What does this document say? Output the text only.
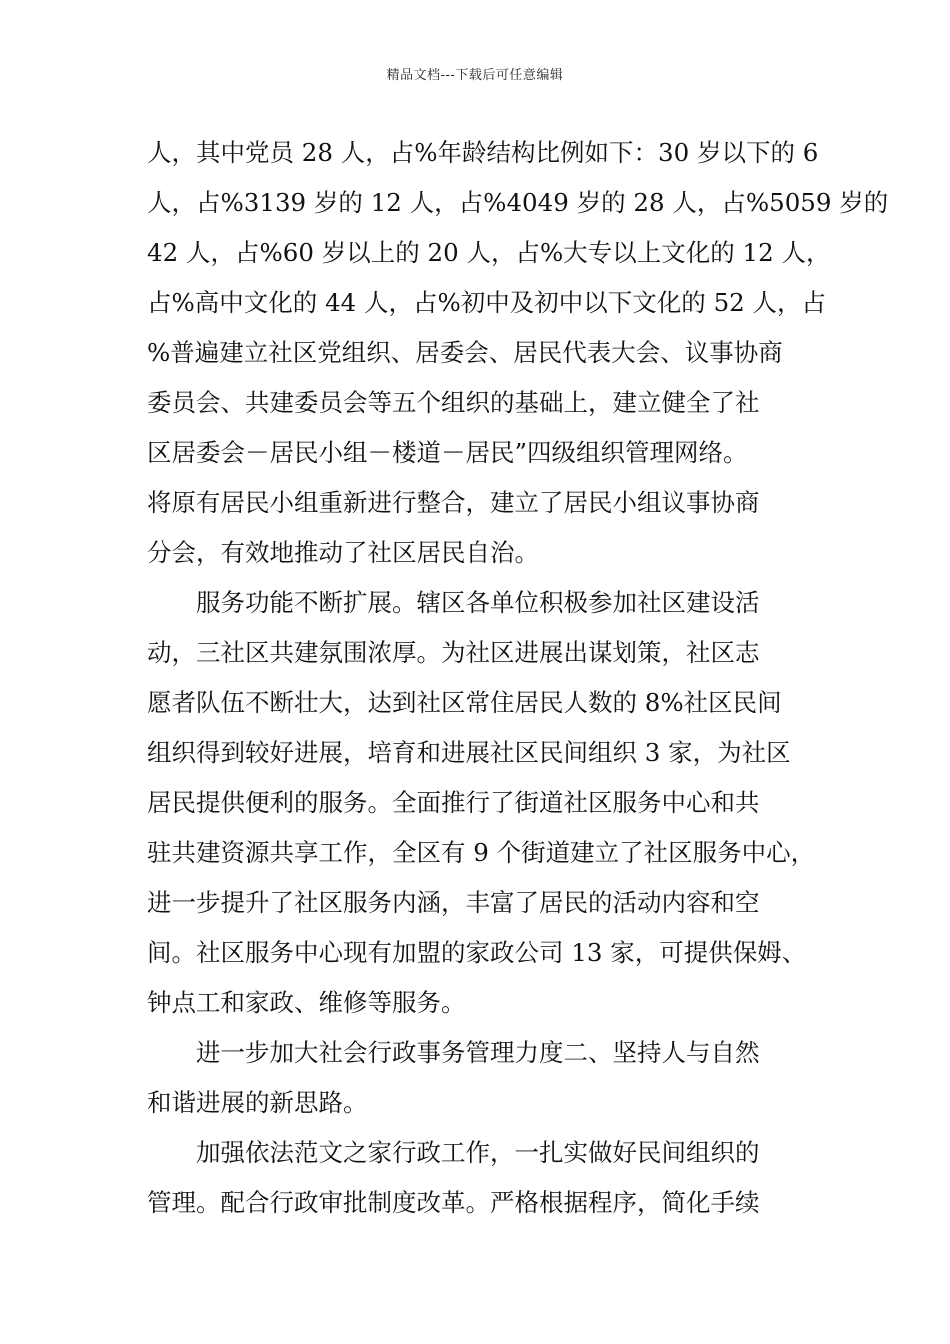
精品文档---下载后可任意编辑
人，其中党员 28 人，占%年龄结构比例如下：30 岁以下的 6
人，占%3139 岁的 12 人，占%4049 岁的 28 人，占%5059 岁的
42 人，占%60 岁以上的 20 人，占%大专以上文化的 12 人，
占%高中文化的 44 人，占%初中及初中以下文化的 52 人，占
%普遍建立社区党组织、居委会、居民代表大会、议事协商
委员会、共建委员会等五个组织的基础上，建立健全了社
区居委会－居民小组－楼道－居民”四级组织管理网络。
将原有居民小组重新进行整合，建立了居民小组议事协商
分会，有效地推动了社区居民自治。
服务功能不断扩展。辖区各单位积极参加社区建设活
动，三社区共建氛围浓厚。为社区进展出谋划策，社区志
愿者队伍不断壮大，达到社区常住居民人数的 8%社区民间
组织得到较好进展，培育和进展社区民间组织 3 家，为社区
居民提供便利的服务。全面推行了街道社区服务中心和共
驻共建资源共享工作，全区有 9 个街道建立了社区服务中心，
进一步提升了社区服务内涵，丰富了居民的活动内容和空
间。社区服务中心现有加盟的家政公司 13 家，可提供保姆、
钟点工和家政、维修等服务。
进一步加大社会行政事务管理力度二、坚持人与自然
和谐进展的新思路。
加强依法范文之家行政工作，一扎实做好民间组织的
管理。配合行政审批制度改革。严格根据程序，简化手续
